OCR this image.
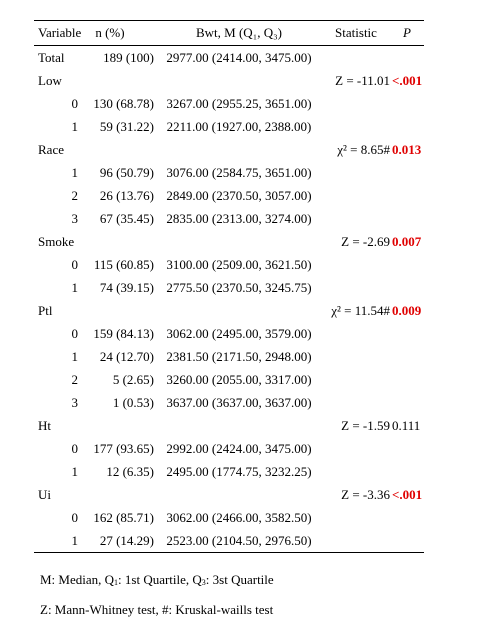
Variable n (%)		Bwt, M (Q₁, Q₃)	Statistic	P
Total	189 (100)	2977.00 (2414.00, 3475.00)		
Low			Z = -11.01	<.001
0	130 (68.78)	3267.00 (2955.25, 3651.00)		
1	59 (31.22)	2211.00 (1927.00, 2388.00)		
Race			χ² = 8.65#	0.013
1	96 (50.79)	3076.00 (2584.75, 3651.00)		
2	26 (13.76)	2849.00 (2370.50, 3057.00)		
3	67 (35.45)	2835.00 (2313.00, 3274.00)		
Smoke			Z = -2.69	0.007
0	115 (60.85)	3100.00 (2509.00, 3621.50)		
1	74 (39.15)	2775.50 (2370.50, 3245.75)		
Ptl			χ² = 11.54#	0.009
0	159 (84.13)	3062.00 (2495.00, 3579.00)		
1	24 (12.70)	2381.50 (2171.50, 2948.00)		
2	5 (2.65)	3260.00 (2055.00, 3317.00)		
3	1 (0.53)	3637.00 (3637.00, 3637.00)		
Ht			Z = -1.59	0.111
0	177 (93.65)	2992.00 (2424.00, 3475.00)		
1	12 (6.35)	2495.00 (1774.75, 3232.25)		
Ui			Z = -3.36	<.001
0	162 (85.71)	3062.00 (2466.00, 3582.50)		
1	27 (14.29)	2523.00 (2104.50, 2976.50)		
M: Median, $Q_1$: 1st Quartile, $Q_3$: 3st Quartile
Z: Mann-Whitney test, #: Kruskal-waills test
